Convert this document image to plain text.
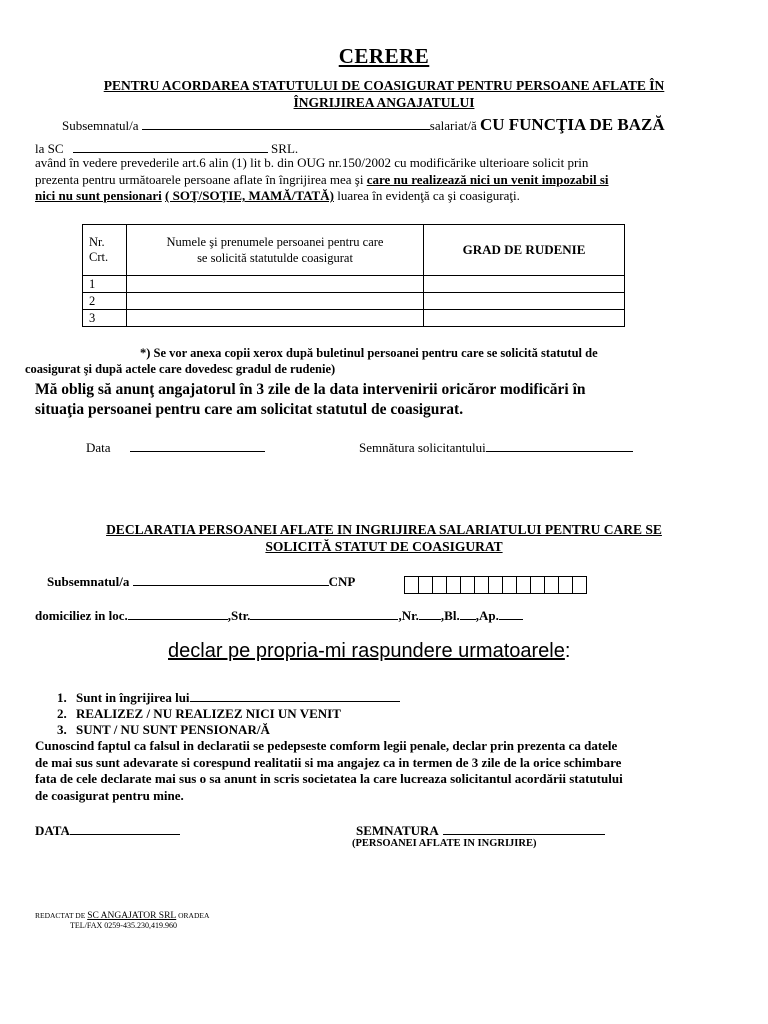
CERERE
PENTRU ACORDAREA STATUTULUI DE COASIGURAT PENTRU PERSOANE AFLATE ÎN
ÎNGRIJIREA ANGAJATULUI
Subsemnatul/a	salariat/ă CU FUNCŢIA DE BAZĂ
la SC	SRL.
având în vedere prevederile art.6 alin (1) lit b. din OUG nr.150/2002 cu modificărike ulterioare solicit prin
prezenta pentru următoarele persoane aflate în îngrijirea mea şi care nu realizează nici un venit impozabil si
nici nu sunt pensionari ( SOŢ/SOŢIE, MAMĂ/TATĂ) luarea în evidenţă ca şi coasiguraţi.
Nr. Crt.	Numele şi prenumele persoanei pentru care
se solicită statutulde coasigurat	GRAD DE RUDENIE
1		
2		
3		
*) Se vor anexa copii xerox după buletinul persoanei pentru care se solicită statutul de
coasigurat şi după actele care dovedesc gradul de rudenie)
Mă oblig să anunţ angajatorul în 3 zile de la data intervenirii oricăror modificări în
situaţia persoanei pentru care am solicitat statutul de coasigurat.
Data	Semnătura solicitantului
DECLARATIA PERSOANEI AFLATE IN INGRIJIREA SALARIATULUI PENTRU CARE SE
SOLICITĂ STATUT DE COASIGURAT
Subsemnatul/a	CNP
domiciliez in loc.	,Str.	,Nr. ,Bl. ,Ap.
declar pe propria-mi raspundere urmatoarele:
1. Sunt in îngrijirea lui
2. REALIZEZ / NU REALIZEZ NICI UN VENIT
3. SUNT / NU SUNT PENSIONAR/Ă
Cunoscind faptul ca falsul in declaratii se pedepseste comform legii penale, declar prin prezenta ca datele
de mai sus sunt adevarate si corespund realitatii si ma angajez ca in termen de 3 zile de la orice schimbare
fata de cele declarate mai sus o sa anunt in scris societatea la care lucreaza solicitantul acordării statutului
de coasigurat pentru mine.
DATA	SEMNATURA
(PERSOANEI AFLATE IN INGRIJIRE)
REDACTAT DE SC ANGAJATOR SRL ORADEA
TEL/FAX 0259-435.230,419.960
